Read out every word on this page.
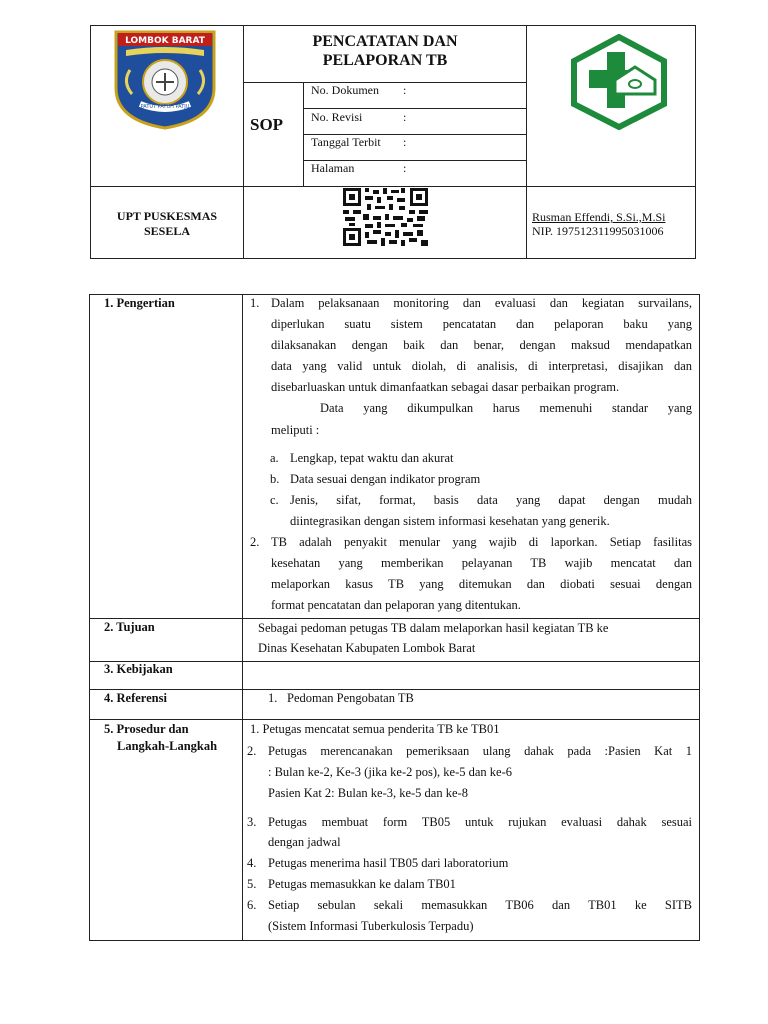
LOMBOK BARAT
PATUT PATUH PATJU
PENCATATAN DAN
PELAPORAN TB
SOP
No. Dokumen :
No. Revisi	:
Tanggal Terbit :
Halaman	:
UPT PUSKESMAS
SESELA
Rusman Effendi, S.Si.,M.Si
NIP. 197512311995031006
1. Pengertian	1. Dalam pelaksanaan monitoring dan evaluasi dan kegiatan survailans,
diperlukan suatu sistem pencatatan dan pelaporan baku yang
dilaksanakan dengan baik dan benar, dengan maksud mendapatkan
data yang valid untuk diolah, di analisis, di interpretasi, disajikan dan
disebarluaskan untuk dimanfaatkan sebagai dasar perbaikan program.
Data yang dikumpulkan harus memenuhi standar yang
meliputi :
a. Lengkap, tepat waktu dan akurat
b. Data sesuai dengan indikator program
c. Jenis, sifat, format, basis data yang dapat dengan mudah
diintegrasikan dengan sistem informasi kesehatan yang generik.
2. TB adalah penyakit menular yang wajib di laporkan. Setiap fasilitas
kesehatan yang memberikan pelayanan TB wajib mencatat dan
melaporkan kasus TB yang ditemukan dan diobati sesuai dengan
format pencatatan dan pelaporan yang ditentukan.
2. Tujuan	Sebagai pedoman petugas TB dalam melaporkan hasil kegiatan TB ke
Dinas Kesehatan Kabupaten Lombok Barat
3. Kebijakan
4. Referensi	1. Pedoman Pengobatan TB
5. Prosedur dan
Langkah-Langkah
1. Petugas mencatat semua penderita TB ke TB01
2. Petugas merencanakan pemeriksaan ulang dahak pada :Pasien Kat 1
: Bulan ke-2, Ke-3 (jika ke-2 pos), ke-5 dan ke-6
Pasien Kat 2: Bulan ke-3, ke-5 dan ke-8
3. Petugas membuat form TB05 untuk rujukan evaluasi dahak sesuai
dengan jadwal
4. Petugas menerima hasil TB05 dari laboratorium
5. Petugas memasukkan ke dalam TB01
6. Setiap sebulan sekali memasukkan TB06 dan TB01 ke SITB
(Sistem Informasi Tuberkulosis Terpadu)
